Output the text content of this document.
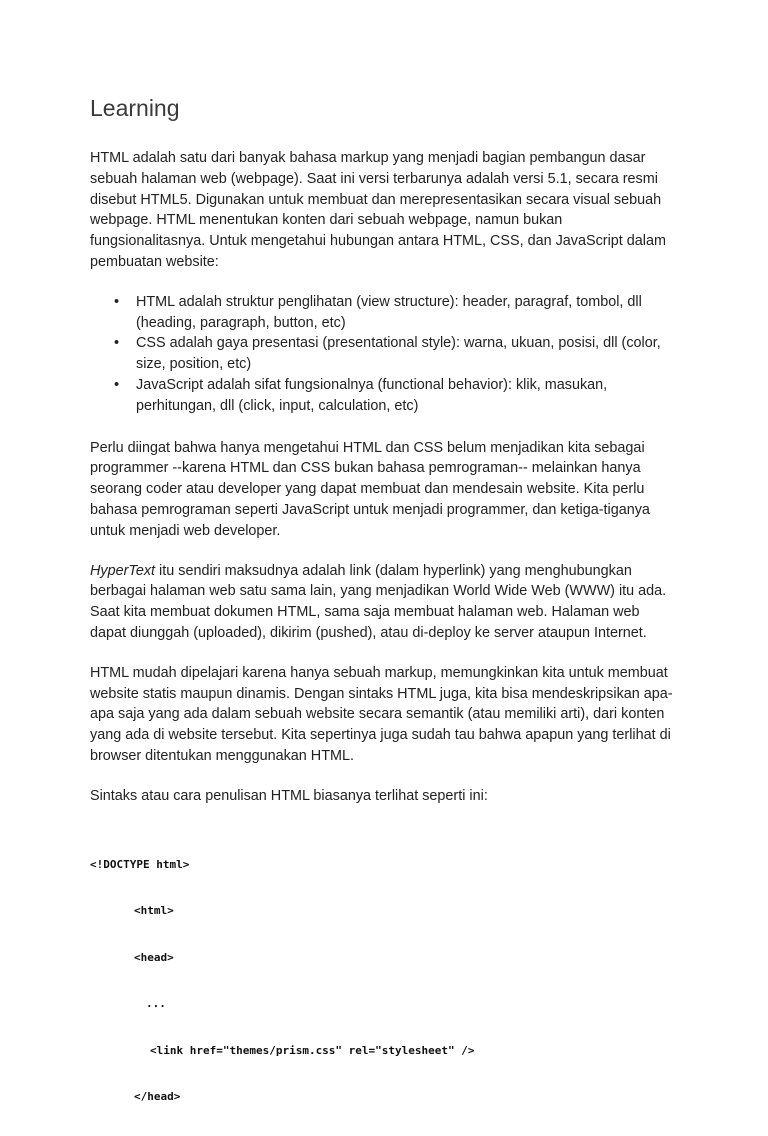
Learning

HTML adalah satu dari banyak bahasa markup yang menjadi bagian pembangun dasar sebuah halaman web (webpage). Saat ini versi terbarunya adalah versi 5.1, secara resmi disebut HTML5. Digunakan untuk membuat dan merepresentasikan secara visual sebuah webpage. HTML menentukan konten dari sebuah webpage, namun bukan fungsionalitasnya. Untuk mengetahui hubungan antara HTML, CSS, dan JavaScript dalam pembuatan website:

• HTML adalah struktur penglihatan (view structure): header, paragraf, tombol, dll (heading, paragraph, button, etc)
• CSS adalah gaya presentasi (presentational style): warna, ukuan, posisi, dll (color, size, position, etc)
• JavaScript adalah sifat fungsionalnya (functional behavior): klik, masukan, perhitungan, dll (click, input, calculation, etc)

Perlu diingat bahwa hanya mengetahui HTML dan CSS belum menjadikan kita sebagai programmer --karena HTML dan CSS bukan bahasa pemrograman-- melainkan hanya seorang coder atau developer yang dapat membuat dan mendesain website. Kita perlu bahasa pemrograman seperti JavaScript untuk menjadi programmer, dan ketiga-tiganya untuk menjadi web developer.

HyperText itu sendiri maksudnya adalah link (dalam hyperlink) yang menghubungkan berbagai halaman web satu sama lain, yang menjadikan World Wide Web (WWW) itu ada. Saat kita membuat dokumen HTML, sama saja membuat halaman web. Halaman web dapat diunggah (uploaded), dikirim (pushed), atau di-deploy ke server ataupun Internet.

HTML mudah dipelajari karena hanya sebuah markup, memungkinkan kita untuk membuat website statis maupun dinamis. Dengan sintaks HTML juga, kita bisa mendeskripsikan apa-apa saja yang ada dalam sebuah website secara semantik (atau memiliki arti), dari konten yang ada di website tersebut. Kita sepertinya juga sudah tau bahwa apapun yang terlihat di browser ditentukan menggunakan HTML.

Sintaks atau cara penulisan HTML biasanya terlihat seperti ini:

<!DOCTYPE html>

<html>

<head>

...

<link href="themes/prism.css" rel="stylesheet" />

</head>
